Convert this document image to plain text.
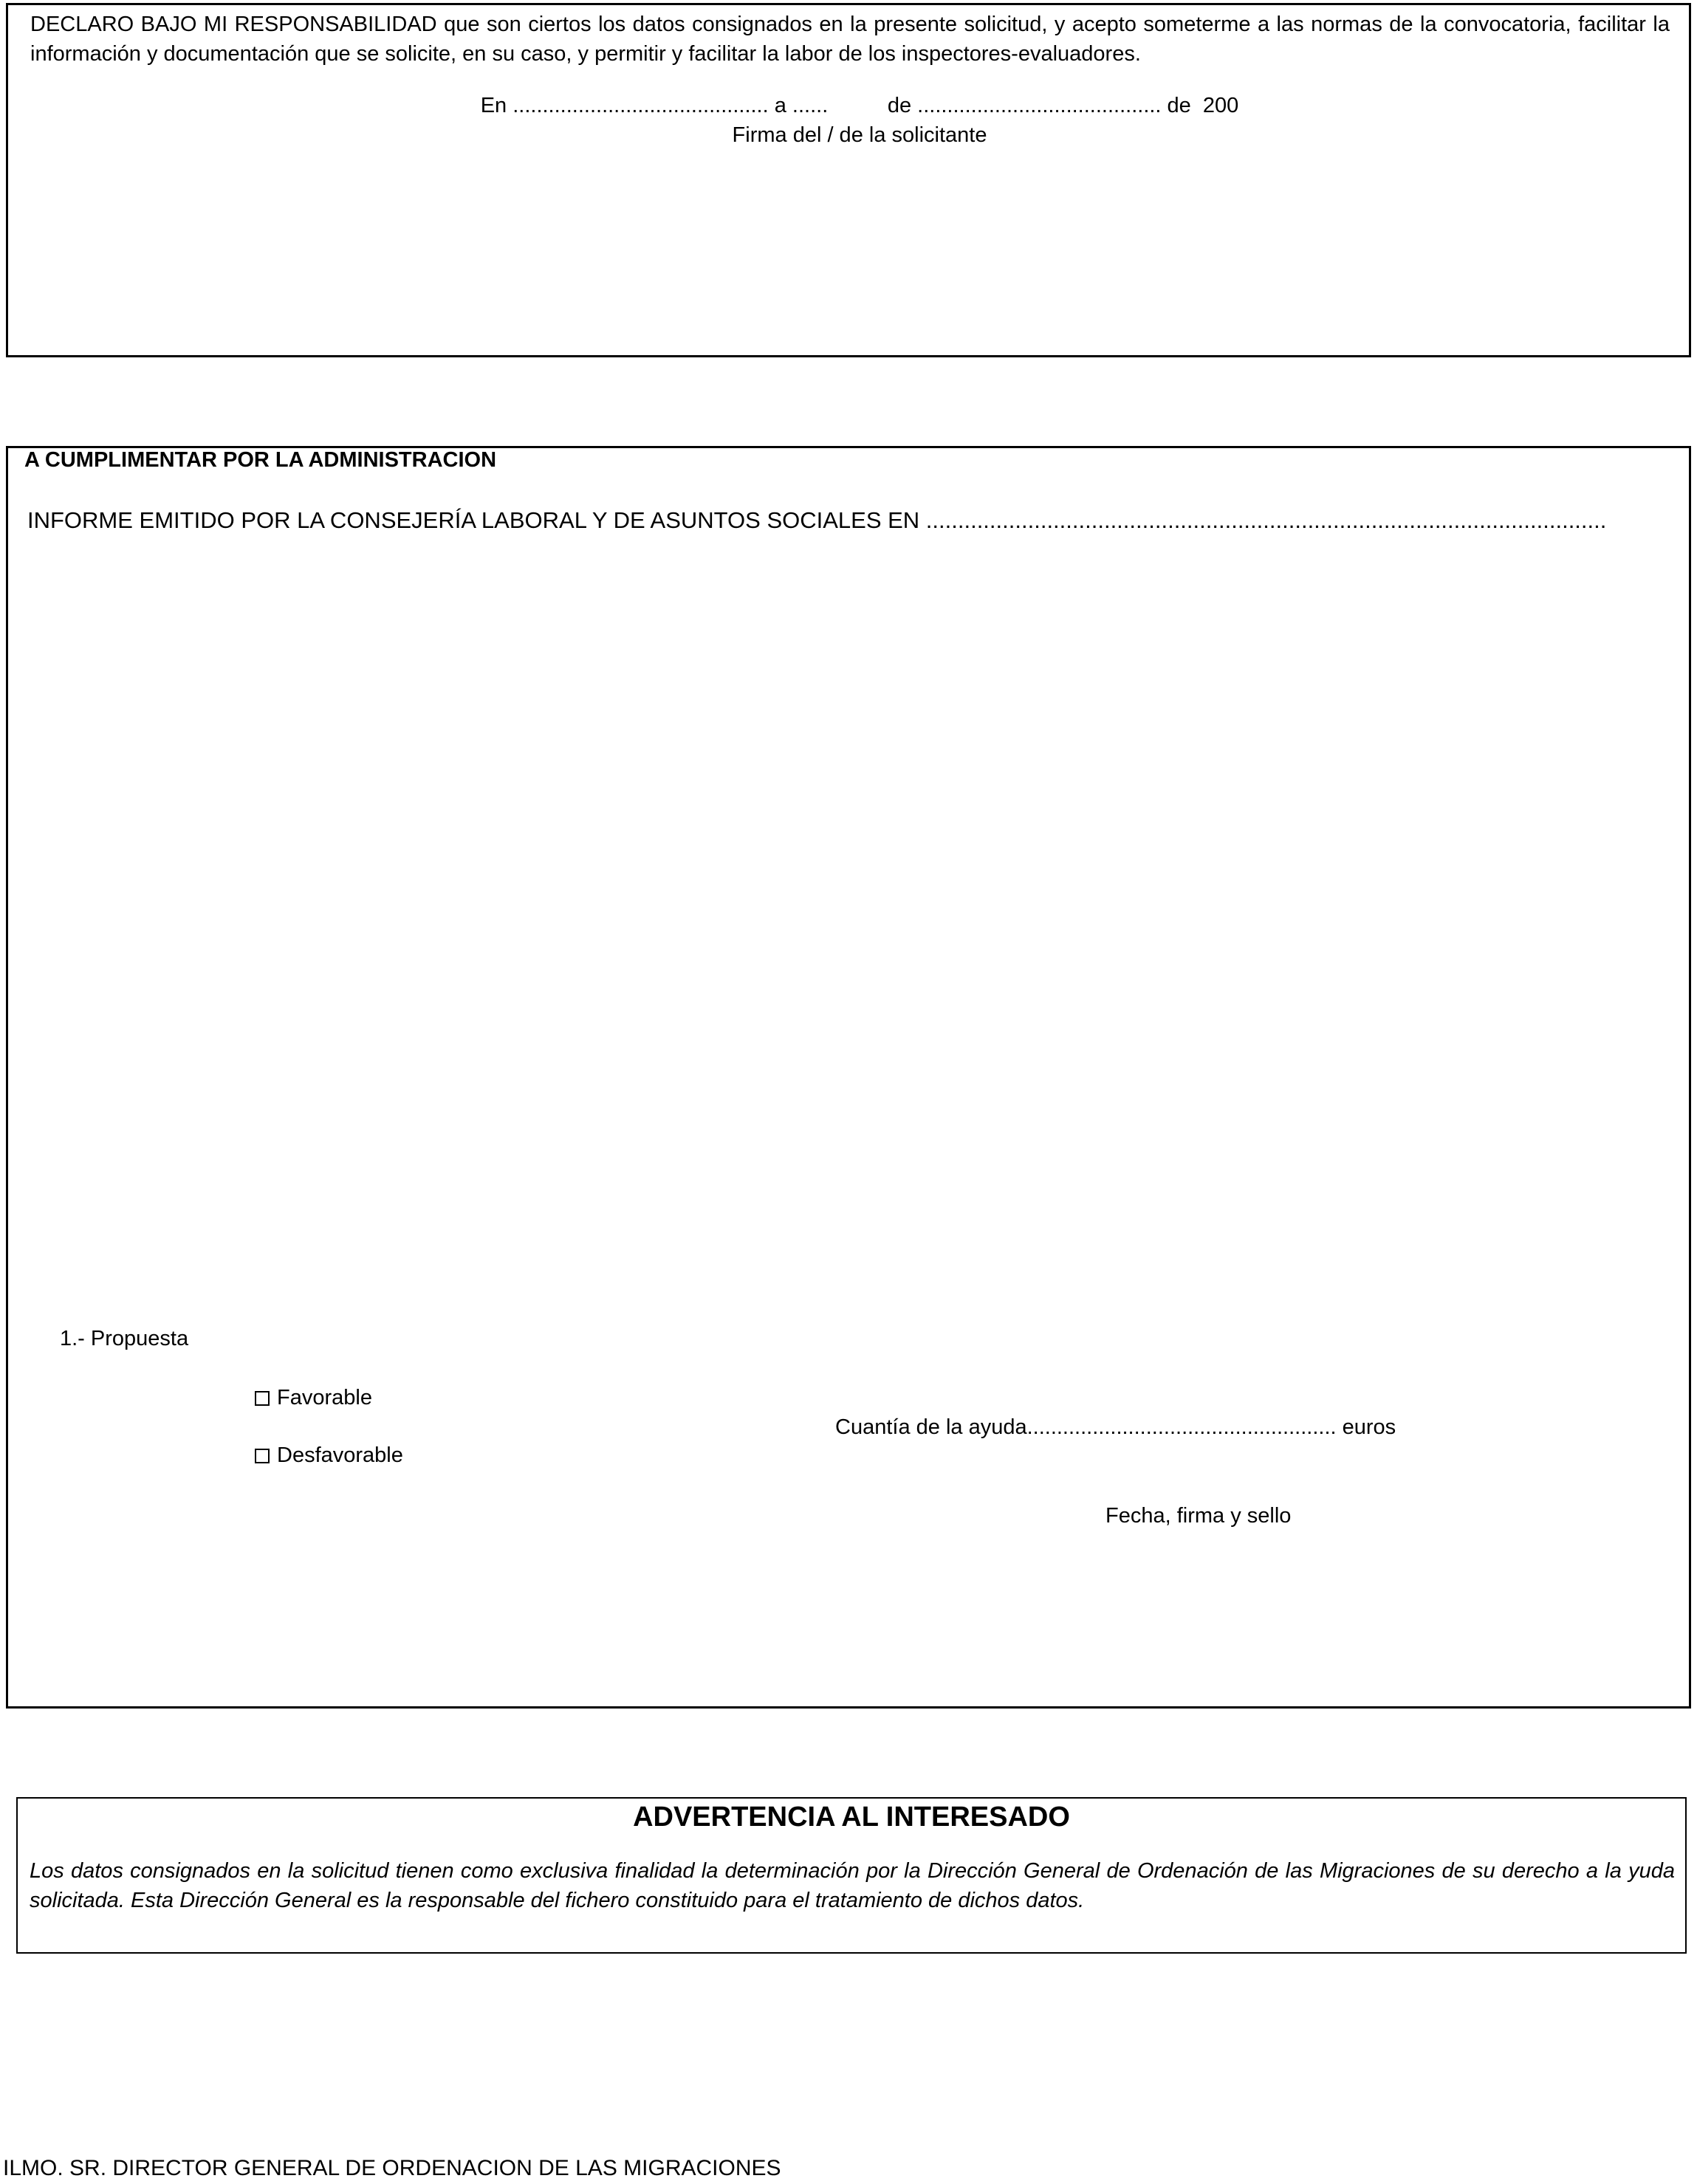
DECLARO BAJO MI RESPONSABILIDAD que son ciertos los datos consignados en la presente solicitud, y acepto someterme a las normas de la convocatoria, facilitar la información y documentación que se solicite, en su caso, y permitir y facilitar la labor de los inspectores-evaluadores.
En ........................................... a ......          de ......................................... de  200
Firma del / de la solicitante
A CUMPLIMENTAR POR LA ADMINISTRACION
INFORME EMITIDO POR LA CONSEJERÍA LABORAL Y DE ASUNTOS SOCIALES EN ...........................................................................................................
1.- Propuesta
Favorable
Desfavorable
Cuantía de la ayuda.................................................... euros
Fecha, firma y sello
ADVERTENCIA AL INTERESADO
Los datos consignados en la solicitud tienen como exclusiva finalidad la determinación por la Dirección General de Ordenación de las Migraciones de su derecho a la yuda solicitada. Esta Dirección General es la responsable del fichero constituido para el tratamiento de dichos datos.
ILMO. SR. DIRECTOR GENERAL DE ORDENACION DE LAS MIGRACIONES
